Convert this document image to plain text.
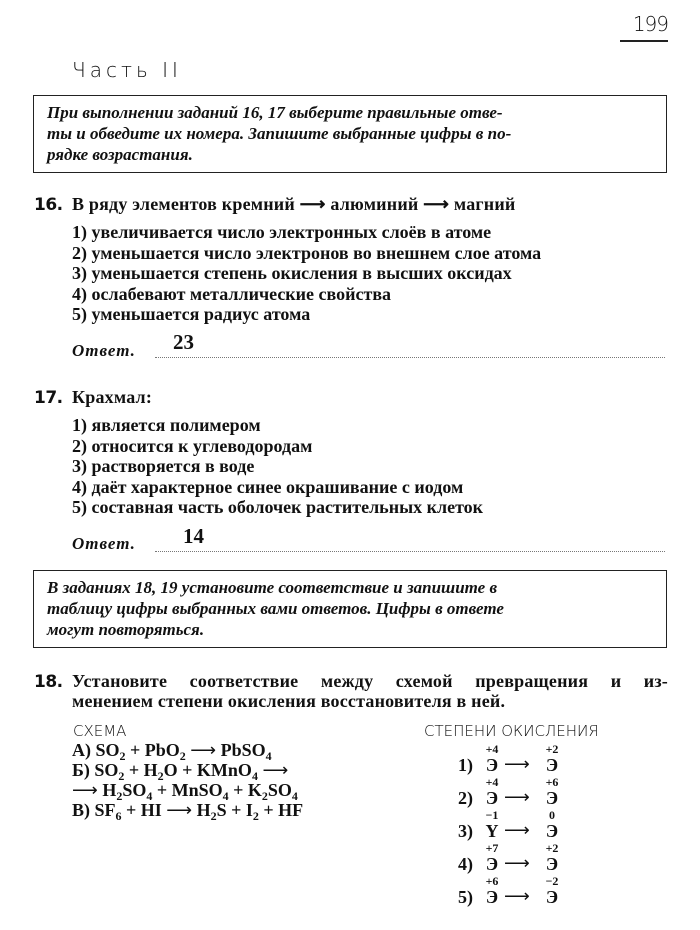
199
Часть II
При выполнении заданий 16, 17 выберите правильные отве-
ты и обведите их номера. Запишите выбранные цифры в по-
рядке возрастания.
16. В ряду элементов кремний ⟶ алюминий ⟶ магний
1) увеличивается число электронных слоёв в атоме
2) уменьшается число электронов во внешнем слое атома
3) уменьшается степень окисления в высших оксидах
4) ослабевают металлические свойства
5) уменьшается радиус атома
Ответ. 23
17. Крахмал:
1) является полимером
2) относится к углеводородам
3) растворяется в воде
4) даёт характерное синее окрашивание с иодом
5) составная часть оболочек растительных клеток
Ответ. 14
В заданиях 18, 19 установите соответствие и запишите в
таблицу цифры выбранных вами ответов. Цифры в ответе
могут повторяться.
18. Установите соответствие между схемой превращения и из-
менением степени окисления восстановителя в ней.
СХЕМА
А) $SO_2 + PbO_2$ ⟶ PbSO$_4$
Б) $SO_2 + H_2O$ + KMnO$_4$ ⟶
⟶ $H_2SO_4$ + MnSO$_4$ + $K_2SO_4$
В) $SF_6$ + HI ⟶ $H_2S + I_2$ + HF
СТЕПЕНИ ОКИСЛЕНИЯ
1)
+4
Э ⟶
+2
Э
2)
+4
Э ⟶
+6
Э
3)
−1
Y ⟶
0
Э
4)
+7
Э ⟶
+2
Э
5)
+6
Э ⟶
−2
Э
